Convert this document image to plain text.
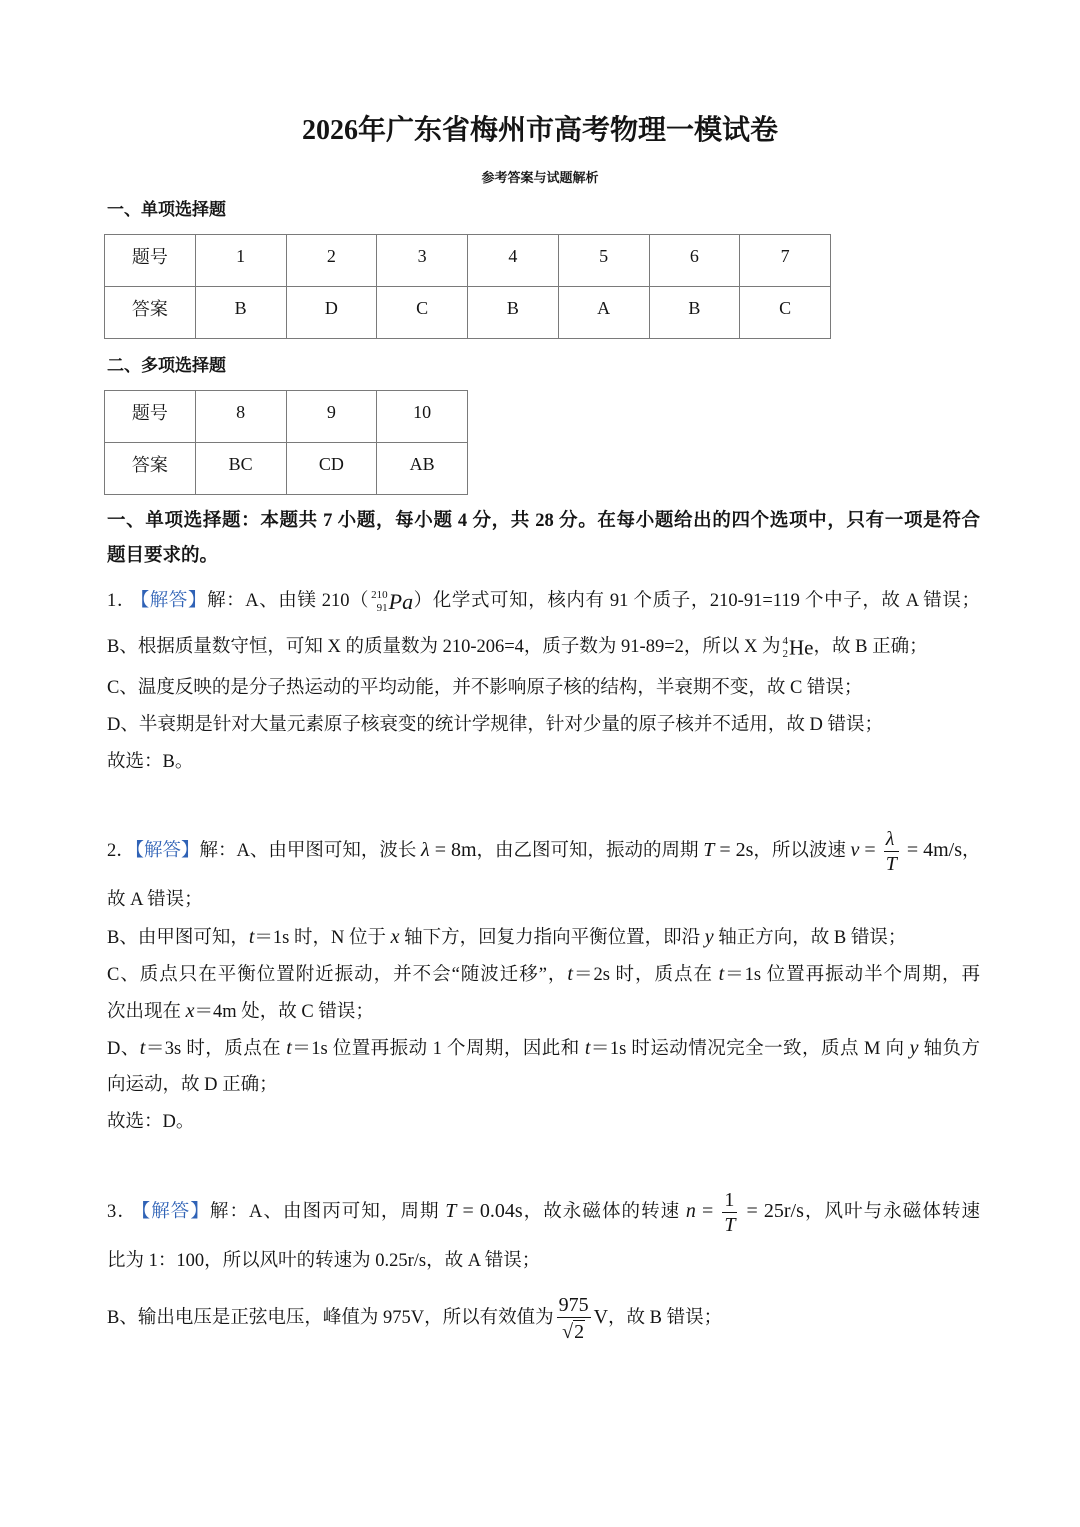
2026年广东省梅州市高考物理一模试卷
参考答案与试题解析
一、单项选择题
题号	1	2	3	4	5	6	7
答案	B	D	C	B	A	B	C
二、多项选择题
题号	8	9	10
答案	BC	CD	AB
一、单项选择题：本题共 7 小题，每小题 4 分，共 28 分。在每小题给出的四个选项中，只有一项是符合
题目要求的。
1． 【解答】解：A、由镁 210（ 210
91 Pa）化学式可知，核内有 91 个质子，210-91=119 个中子，故 A 错误；
B、根据质量数守恒，可知 X 的质量数为 210-206=4，质子数为 91-89=2，所以 X 为 4
2 He，故 B 正确；
C、温度反映的是分子热运动的平均动能，并不影响原子核的结构，半衰期不变，故 C 错误；
D、半衰期是针对大量元素原子核衰变的统计学规律，针对少量的原子核并不适用，故 D 错误；
故选：B。
2．【解答】解：A、由甲图可知，波长 λ = 8m，由乙图可知，振动的周期 T = 2s，所以波速 $v = \frac{\lambda}{T} = 4m/s$，
故 A 错误；
B、由甲图可知，t＝1s 时，N 位于 x 轴下方，回复力指向平衡位置，即沿 y 轴正方向，故 B 错误；
C、质点只在平衡位置附近振动，并不会“随波迁移”，t＝2s 时，质点在 t＝1s 位置再振动半个周期，再
次出现在 x＝4m 处，故 C 错误；
D、t＝3s 时，质点在 t＝1s 位置再振动 1 个周期，因此和 t＝1s 时运动情况完全一致，质点 M 向 y 轴负方
向运动，故 D 正确；
故选：D。
3． 【解答】解：A、由图丙可知，周期 T = 0.04s，故永磁体的转速 $n = \frac{1}{T} = 25r/s$，风叶与永磁体转速
比为 1：100，所以风叶的转速为 0.25r/s，故 A 错误；
B、输出电压是正弦电压，峰值为 975V，所以有效值为 $\frac{975}{√2}$ V，故 B 错误；
